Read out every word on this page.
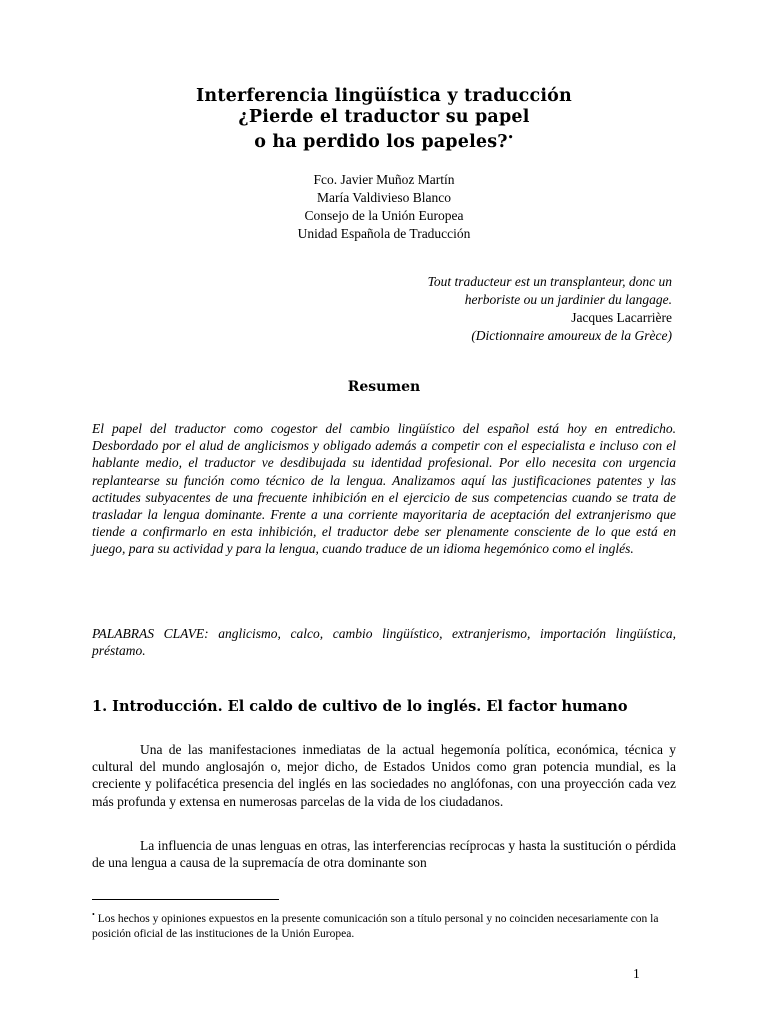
Interferencia lingüística y traducción
¿Pierde el traductor su papel
o ha perdido los papeles?•
Fco. Javier Muñoz Martín
María Valdivieso Blanco
Consejo de la Unión Europea
Unidad Española de Traducción
Tout traducteur est un transplanteur, donc un
herboriste ou un jardinier du langage.
Jacques Lacarrière
(Dictionnaire amoureux de la Grèce)
Resumen
El papel del traductor como cogestor del cambio lingüístico del español está hoy en entredicho. Desbordado por el alud de anglicismos y obligado además a competir con el especialista e incluso con el hablante medio, el traductor ve desdibujada su identidad profesional. Por ello necesita con urgencia replantearse su función como técnico de la lengua. Analizamos aquí las justificaciones patentes y las actitudes subyacentes de una frecuente inhibición en el ejercicio de sus competencias cuando se trata de trasladar la lengua dominante. Frente a una corriente mayoritaria de aceptación del extranjerismo que tiende a confirmarlo en esta inhibición, el traductor debe ser plenamente consciente de lo que está en juego, para su actividad y para la lengua, cuando traduce de un idioma hegemónico como el inglés.
PALABRAS CLAVE: anglicismo, calco, cambio lingüístico, extranjerismo, importación lingüística, préstamo.
1. Introducción. El caldo de cultivo de lo inglés. El factor humano
Una de las manifestaciones inmediatas de la actual hegemonía política, económica, técnica y cultural del mundo anglosajón o, mejor dicho, de Estados Unidos como gran potencia mundial, es la creciente y polifacética presencia del inglés en las sociedades no anglófonas, con una proyección cada vez más profunda y extensa en numerosas parcelas de la vida de los ciudadanos.
La influencia de unas lenguas en otras, las interferencias recíprocas y hasta la sustitución o pérdida de una lengua a causa de la supremacía de otra dominante son
• Los hechos y opiniones expuestos en la presente comunicación son a título personal y no coinciden necesariamente con la posición oficial de las instituciones de la Unión Europea.
1
